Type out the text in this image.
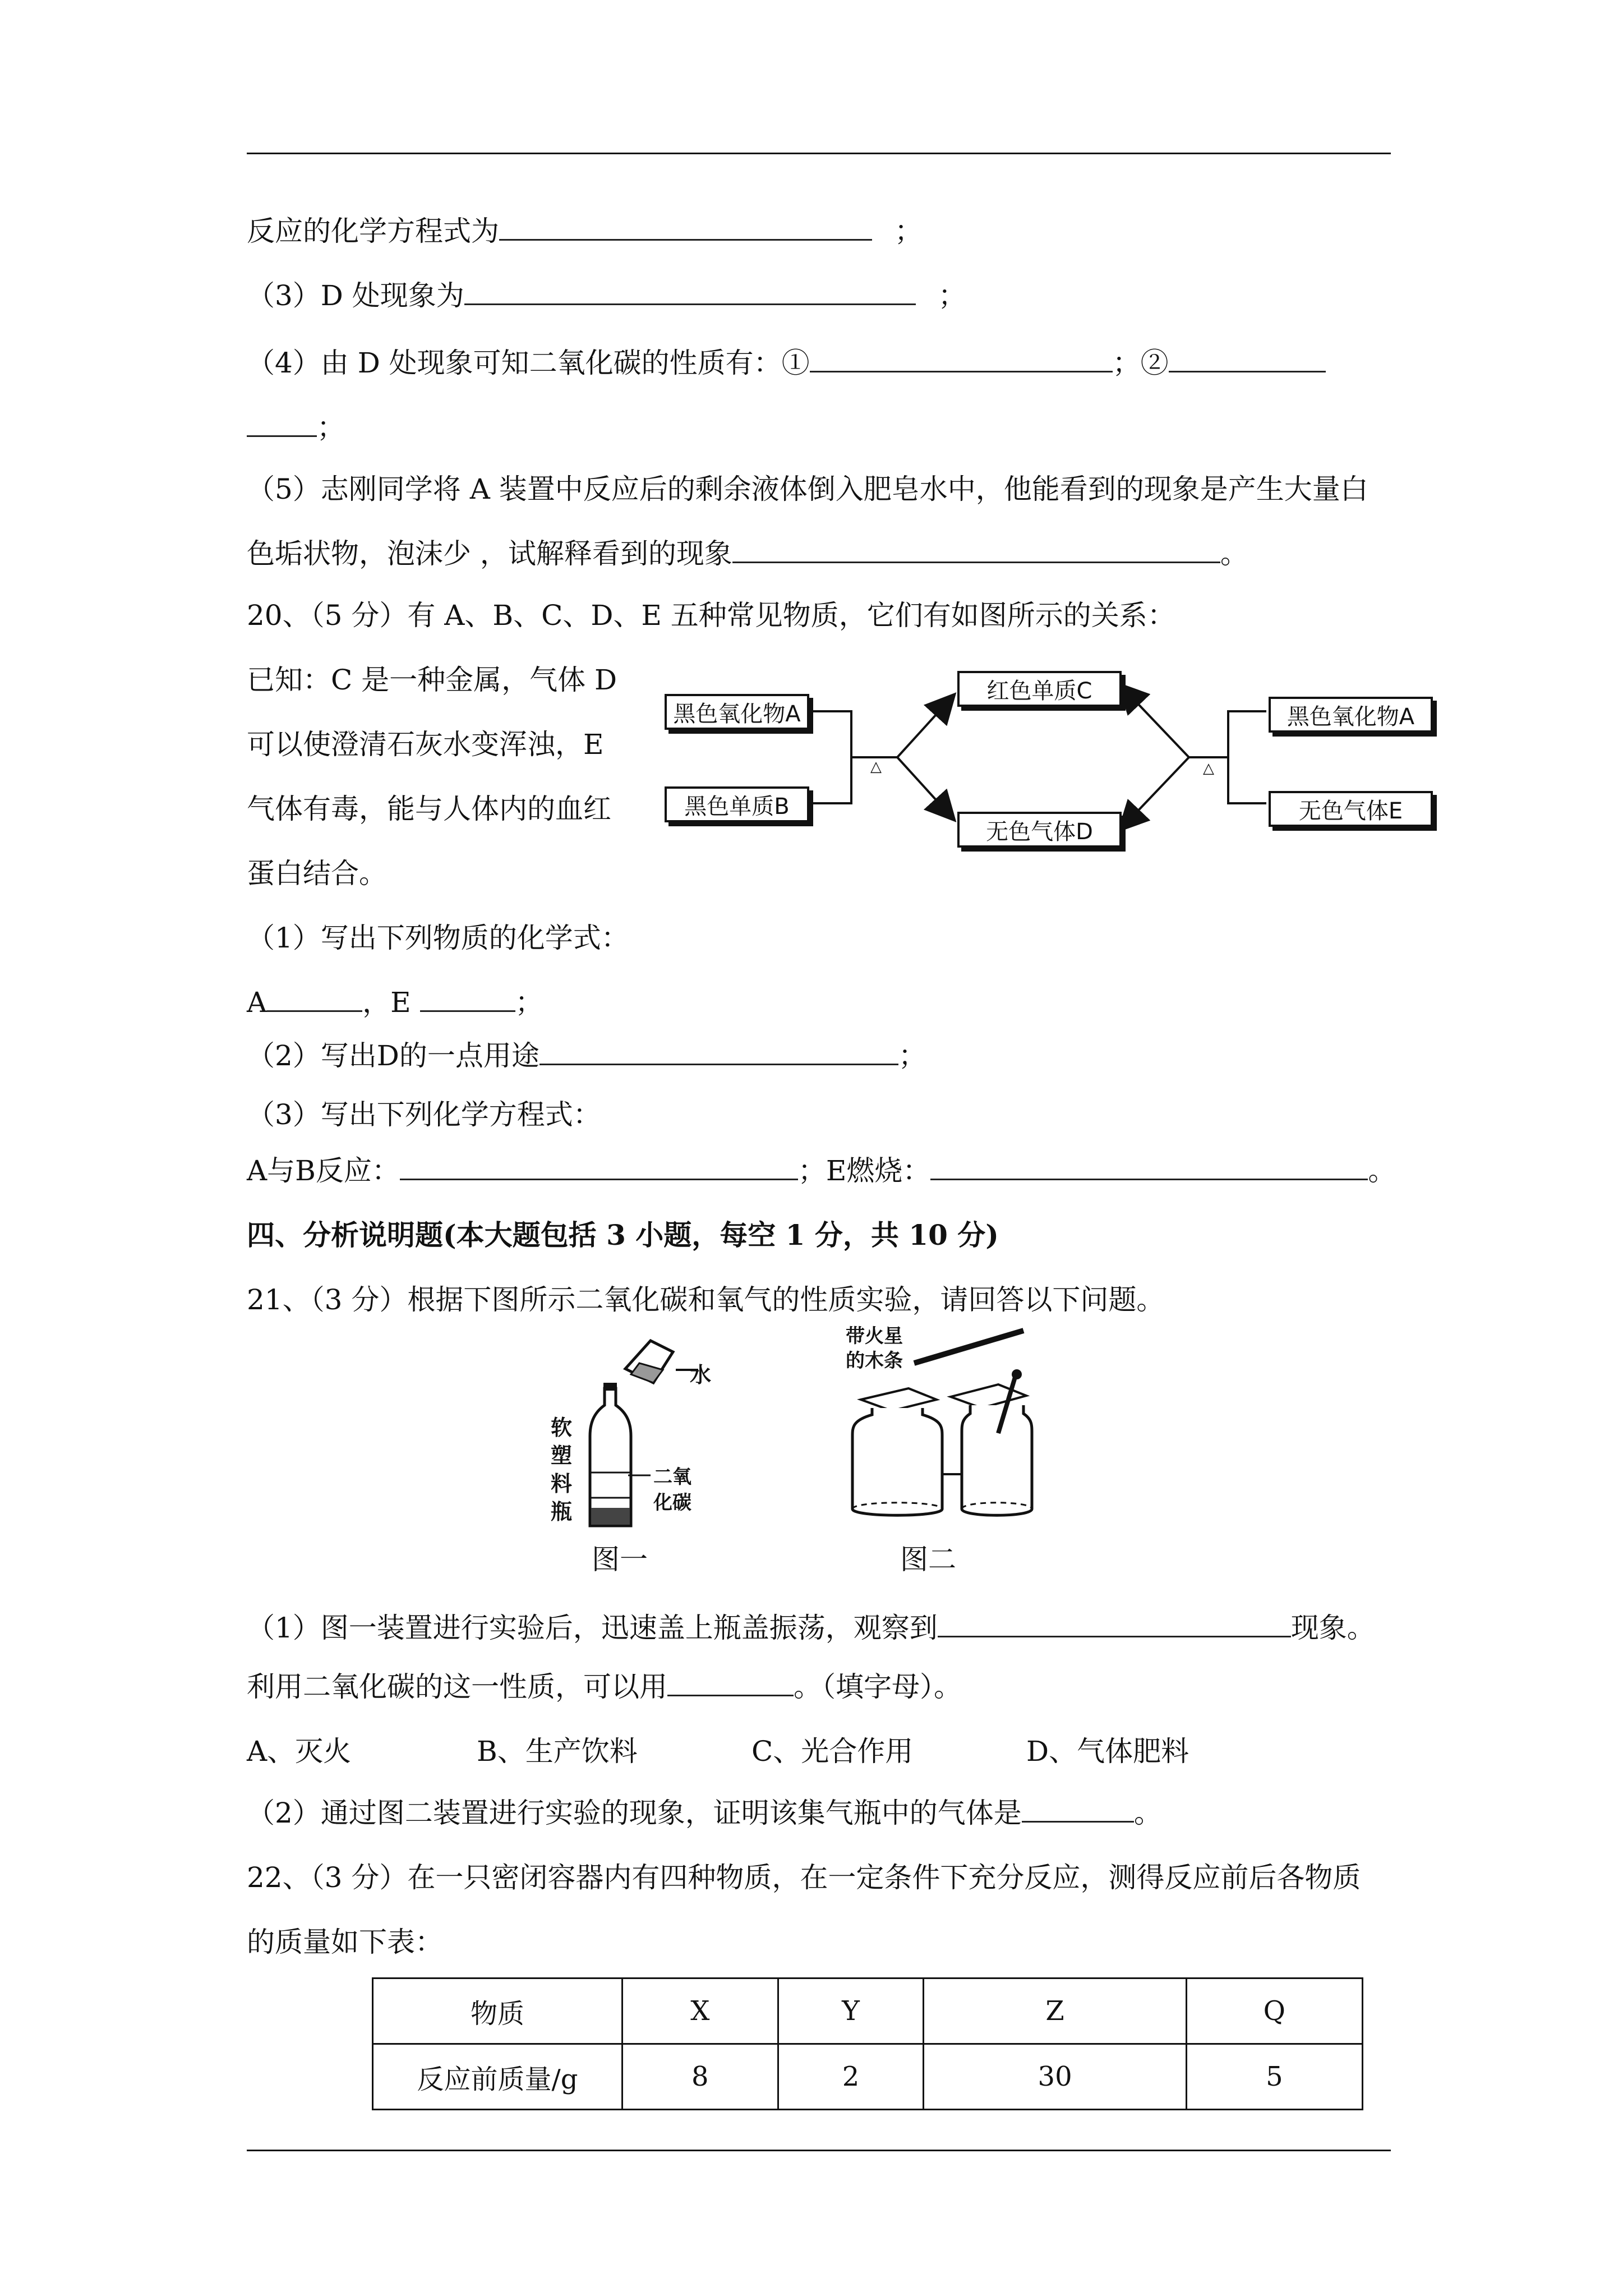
反应的化学方程式为	；
（3）D 处现象为	；
（4）由 D 处现象可知二氧化碳的性质有：①	；②
；
（5）志刚同学将 A 装置中反应后的剩余液体倒入肥皂水中，他能看到的现象是产生大量白
色垢状物，泡沫少 ，试解释看到的现象	。
20、（5 分）有 A、B、C、D、E 五种常见物质，它们有如图所示的关系：
已知：C 是一种金属，气体 D
可以使澄清石灰水变浑浊，E
气体有毒，能与人体内的血红
蛋白结合。
黑色氧化物A
黑色单质B
红色单质C
无色气体D
黑色氧化物A
无色气体E
△	△
（1）写出下列物质的化学式：
A	，E	；
（2）写出D的一点用途	；
（3）写出下列化学方程式：
A与B反应：	；E燃烧：	。
四、分析说明题(本大题包括 3 小题，每空 1 分，共 10 分)
21、（3 分）根据下图所示二氧化碳和氧气的性质实验，请回答以下问题。
水
软
塑
料
瓶
二氧
化碳
图一
带火星
的木条
图二
（1）图一装置进行实验后，迅速盖上瓶盖振荡，观察到	现象。
利用二氧化碳的这一性质，可以用	。（填字母）。
A、灭火	B、生产饮料	C、光合作用	D、气体肥料
（2）通过图二装置进行实验的现象，证明该集气瓶中的气体是	。
22、（3 分）在一只密闭容器内有四种物质，在一定条件下充分反应，测得反应前后各物质
的质量如下表：
物质	X	Y	Z	Q
反应前质量/g	8	2	30	5
